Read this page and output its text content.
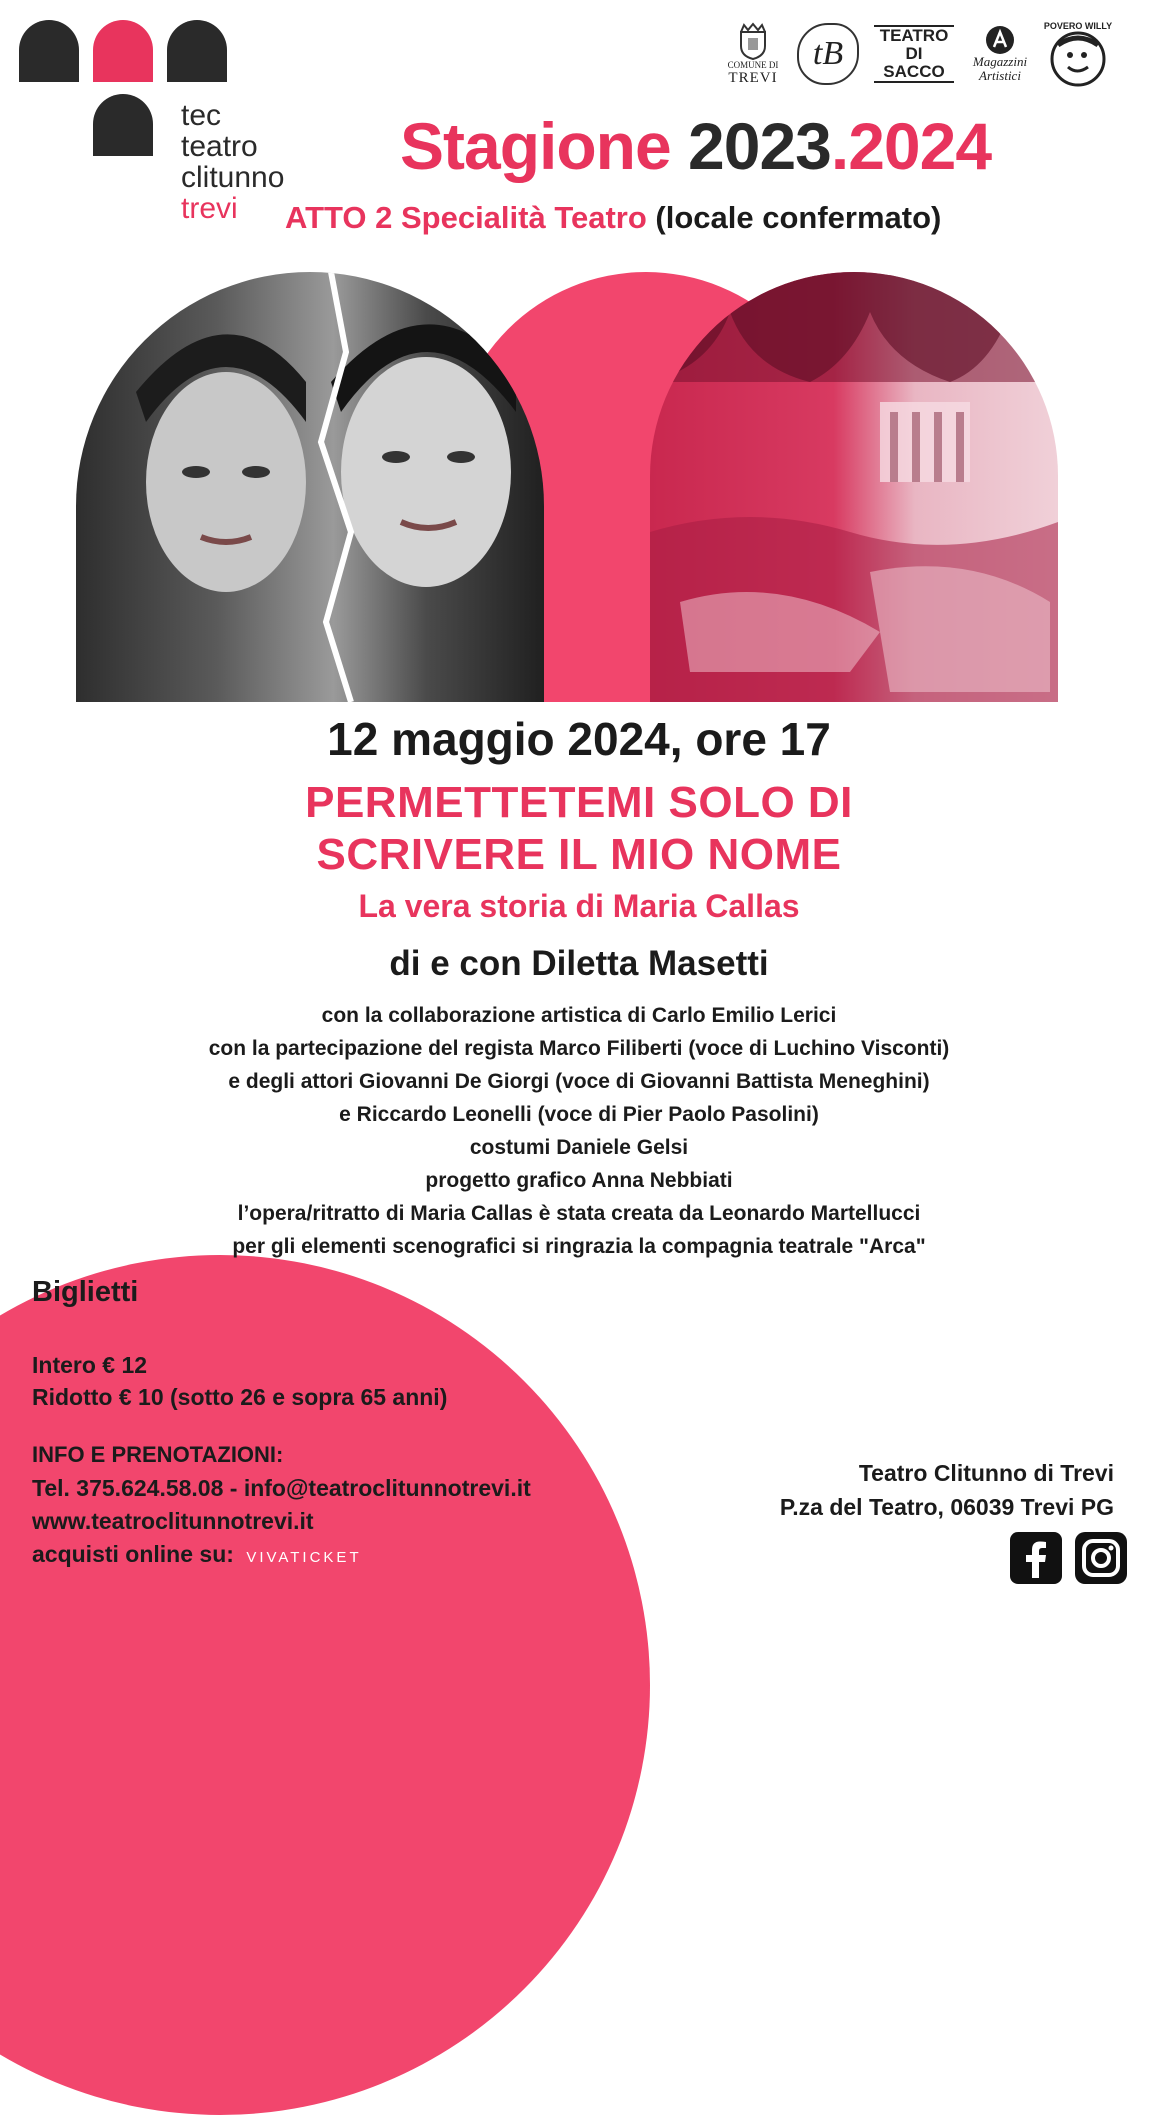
tec
teatro
clitunno
trevi
COMUNE DI
TREVI
tB	TEATRO DI SACCO
Magazzini Artistici
POVERO WILLY
Stagione 2023.2024
ATTO 2 Specialità Teatro (locale confermato)
12 maggio 2024, ore 17
PERMETTETEMI SOLO DI
SCRIVERE IL MIO NOME
La vera storia di Maria Callas
di e con Diletta Masetti
con la collaborazione artistica di Carlo Emilio Lerici
con la partecipazione del regista Marco Filiberti (voce di Luchino Visconti)
e degli attori Giovanni De Giorgi (voce di Giovanni Battista Meneghini)
e Riccardo Leonelli (voce di Pier Paolo Pasolini)
costumi Daniele Gelsi
progetto grafico Anna Nebbiati
l’opera/ritratto di Maria Callas è stata creata da Leonardo Martellucci
per gli elementi scenografici si ringrazia la compagnia teatrale "Arca"
Biglietti
Intero € 12
Ridotto € 10 (sotto 26 e sopra 65 anni)
INFO E PRENOTAZIONI:
Tel. 375.624.58.08 - info@teatroclitunnotrevi.it
www.teatroclitunnotrevi.it
acquisti online su: VIVATICKET
Teatro Clitunno di Trevi
P.za del Teatro, 06039 Trevi PG
